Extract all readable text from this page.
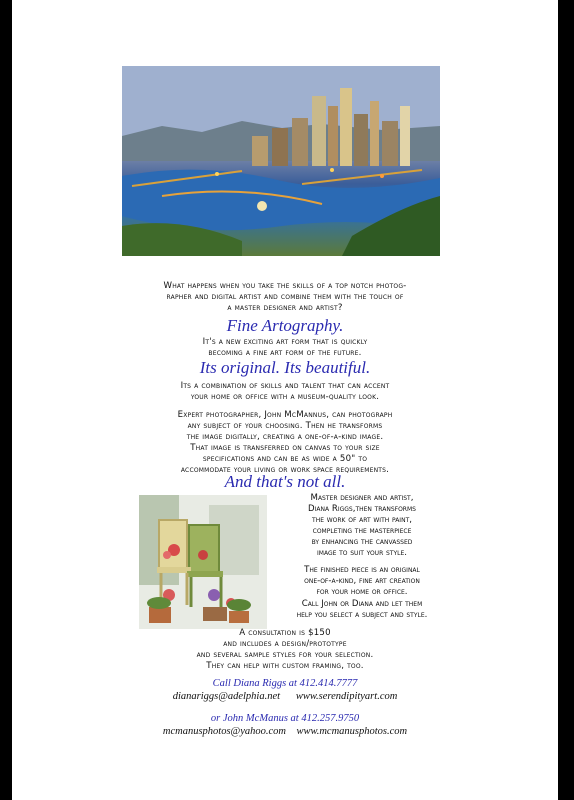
What happens when you take the skills of a top notch photog-

rapher and digital artist and combine them with the touch of

a master designer and artist?

Fine Artography.

It's a new exciting art form that is quickly

becoming a fine art form of the future.

Its original. Its beautiful.

Its a combination of skills and talent that can accent

your home or office with a museum-quality look.

Expert photographer, John McMannus, can photograph

any subject of your choosing. Then he transforms

the image digitally, creating a one-of-a-kind image.

That image is transferred on canvas to your size

specifications and can be as wide a 50" to

accommodate your living or work space requirements.

And that's not all.

Master designer and artist,

Diana Riggs,then transforms

the work of art with paint,

completing the masterpiece

by enhancing the canvassed

image to suit your style.

The finished piece is an original

one-of-a-kind, fine art creation

for your home or office.

Call John or Diana and let them

help you select a subject and style.

A consultation is $150

and includes a design/prototype

and several sample styles for your selection.

They can help with custom framing, too.

Call Diana Riggs at 412.414.7777

dianariggs@adelphia.net www.serendipityart.com

or John McManus at 412.257.9750

mcmanusphotos@yahoo.com www.mcmanusphotos.com
